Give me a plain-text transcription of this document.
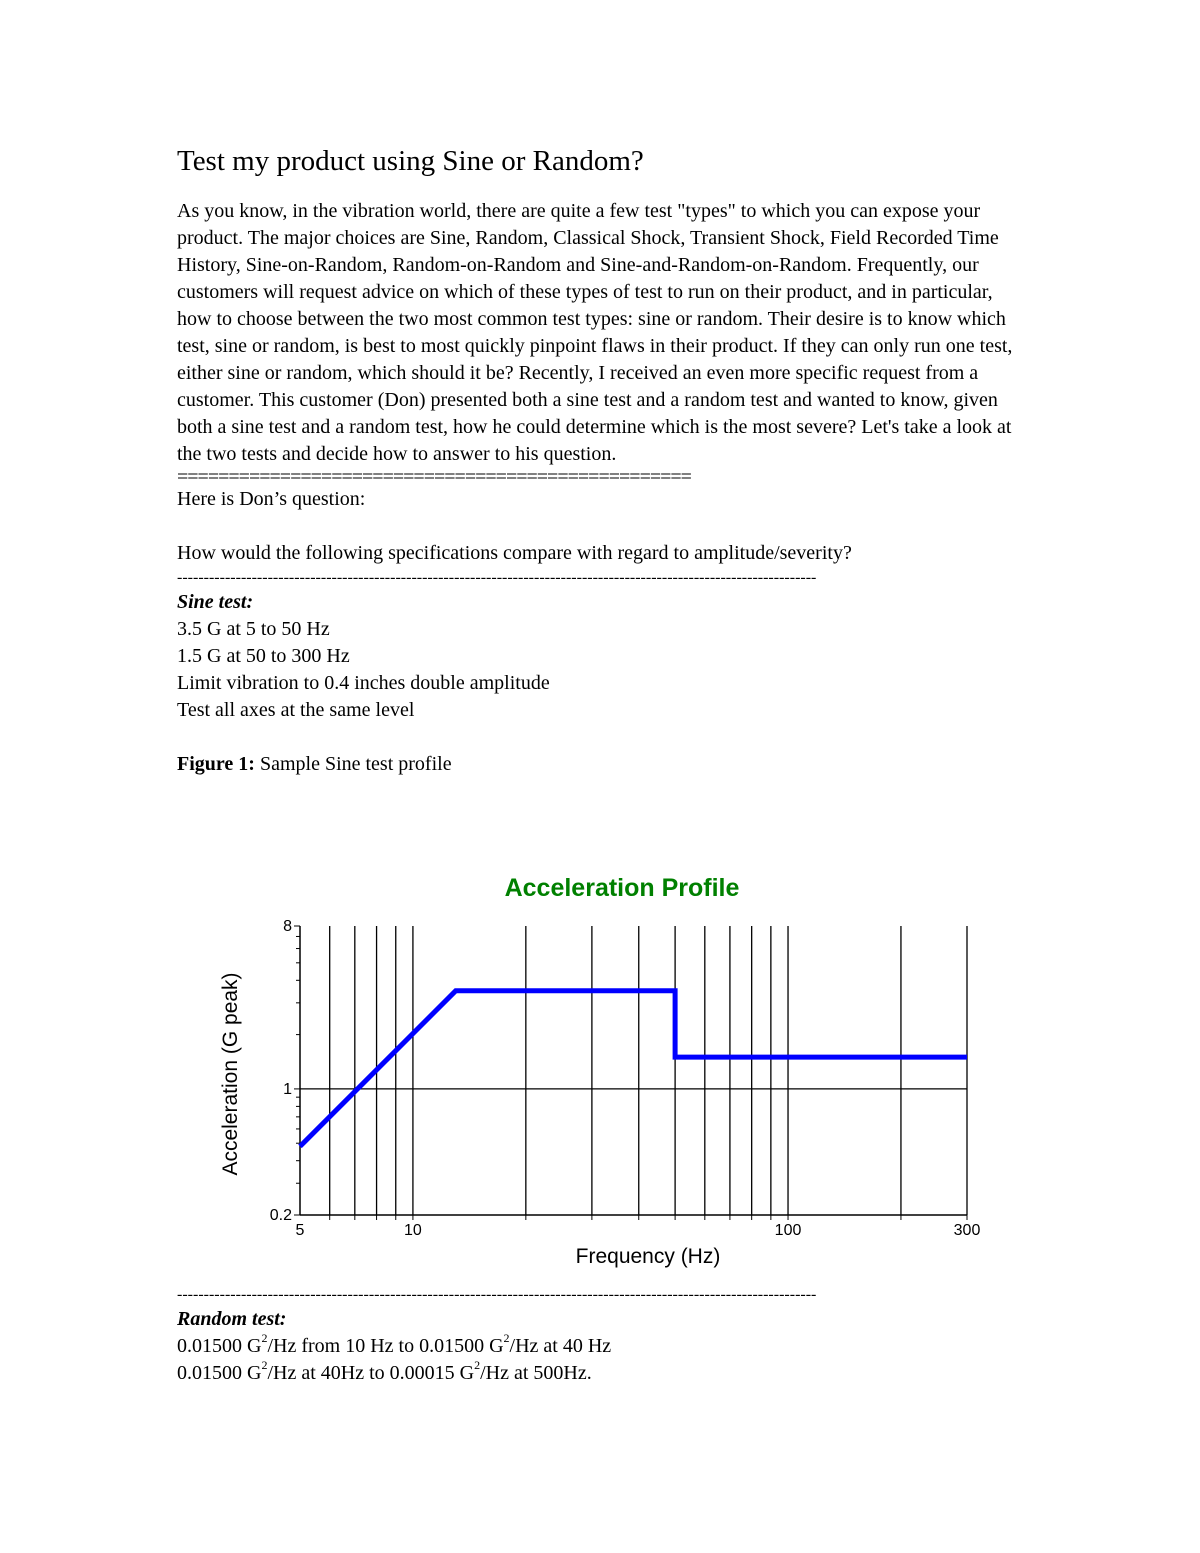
Test my product using Sine or Random?

As you know, in the vibration world, there are quite a few test "types" to which you can expose your product. The major choices are Sine, Random, Classical Shock, Transient Shock, Field Recorded Time History, Sine-on-Random, Random-on-Random and Sine-and-Random-on-Random. Frequently, our customers will request advice on which of these types of test to run on their product, and in particular, how to choose between the two most common test types: sine or random. Their desire is to know which test, sine or random, is best to most quickly pinpoint flaws in their product. If they can only run one test, either sine or random, which should it be? Recently, I received an even more specific request from a customer. This customer (Don) presented both a sine test and a random test and wanted to know, given both a sine test and a random test, how he could determine which is the most severe? Let's take a look at the two tests and decide how to answer to his question.

==================================================

Here is Don’s question:

How would the following specifications compare with regard to amplitude/severity?

------------------------------------------------------------------------------------------------------------------------

Sine test:

3.5 G at 5 to 50 Hz

1.5 G at 50 to 300 Hz

Limit vibration to 0.4 inches double amplitude

Test all axes at the same level

Figure 1: Sample Sine test profile

------------------------------------------------------------------------------------------------------------------------

Random test:

0.01500 $G^2/Hz$ from 10 Hz to 0.01500 $G^2/Hz$ at 40 Hz

0.01500 $G^2/Hz$ at 40Hz to 0.00015 $G^2/Hz$ at 500Hz.

Acceleration Profile
Frequency (Hz)
Acceleration (G peak)
0.2
1
8
5	10	100	300
